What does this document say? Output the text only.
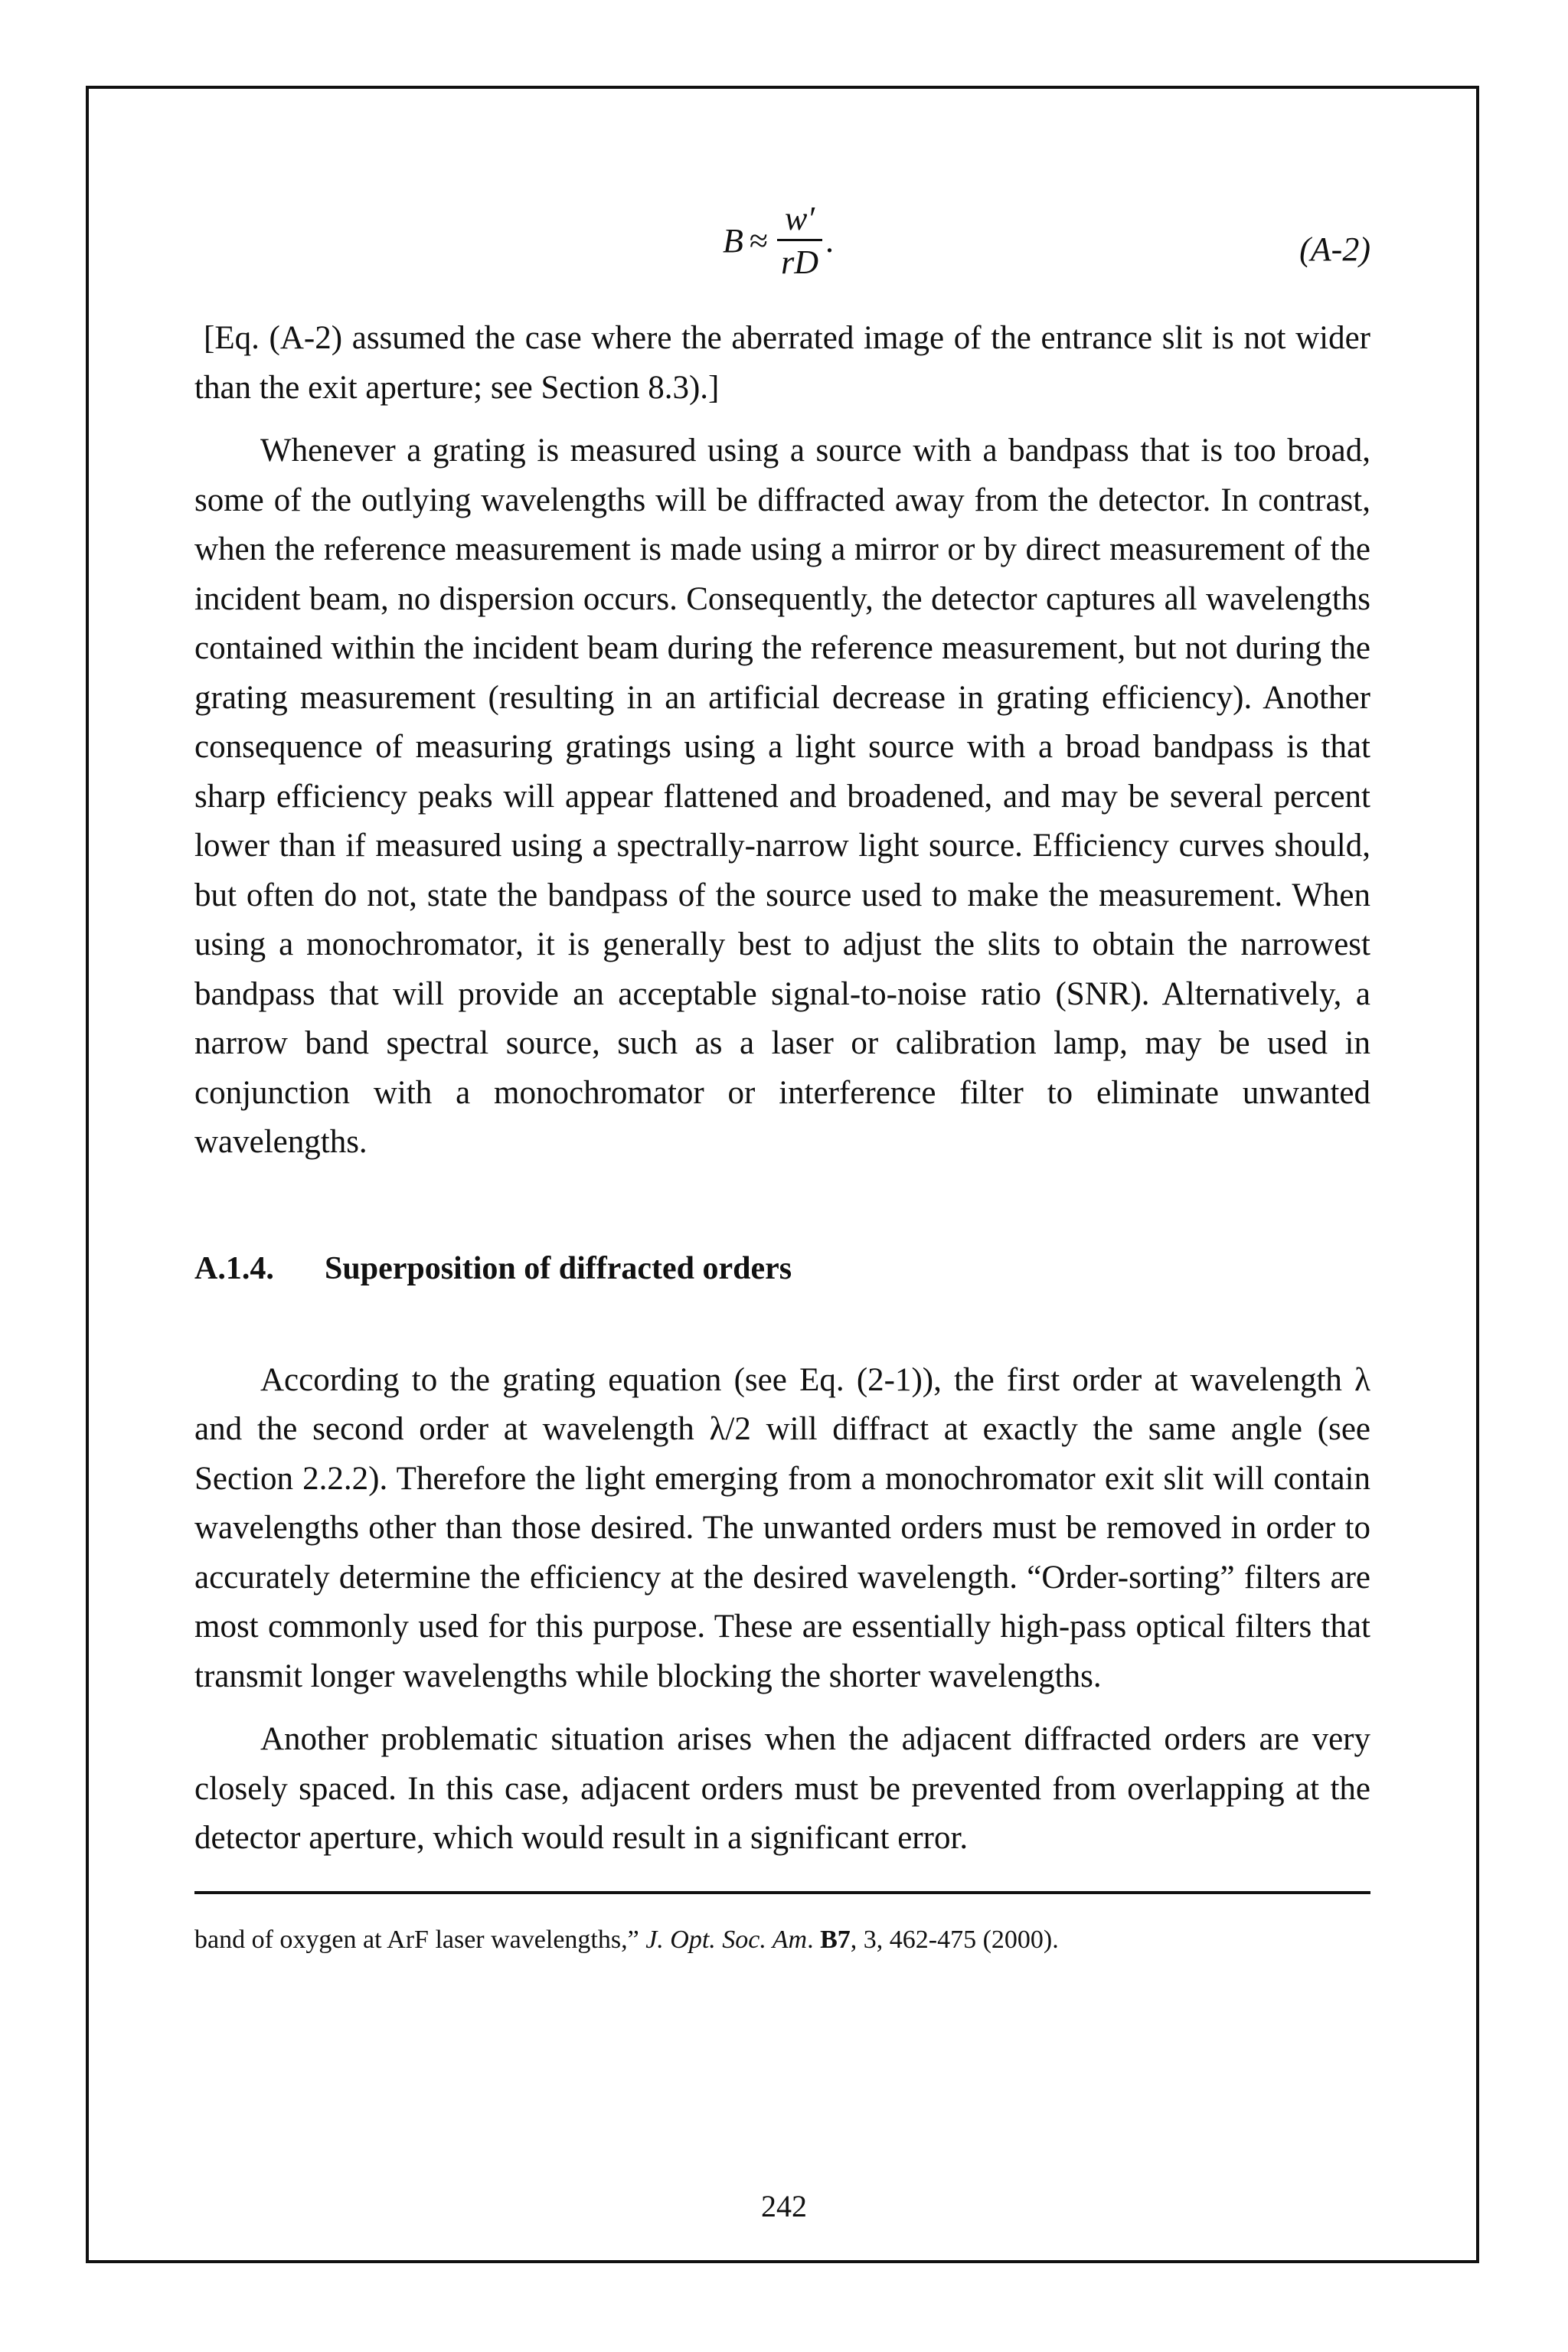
$B \approx \frac{w'}{rD}$ .	(A-2)

[Eq. (A-2) assumed the case where the aberrated image of the entrance slit is not wider than the exit aperture; see Section 8.3).]

Whenever a grating is measured using a source with a bandpass that is too broad, some of the outlying wavelengths will be diffracted away from the detector. In contrast, when the reference measurement is made using a mirror or by direct measurement of the incident beam, no dispersion occurs. Consequently, the detector captures all wavelengths contained within the incident beam during the reference measurement, but not during the grating measurement (resulting in an artificial decrease in grating efficiency). Another consequence of measuring gratings using a light source with a broad bandpass is that sharp efficiency peaks will appear flattened and broadened, and may be several percent lower than if measured using a spectrally-narrow light source. Efficiency curves should, but often do not, state the bandpass of the source used to make the measurement. When using a monochromator, it is generally best to adjust the slits to obtain the narrowest bandpass that will provide an acceptable signal-to-noise ratio (SNR). Alternatively, a narrow band spectral source, such as a laser or calibration lamp, may be used in conjunction with a monochromator or interference filter to eliminate unwanted wavelengths.

A.1.4.	Superposition of diffracted orders

According to the grating equation (see Eq. (2-1)), the first order at wavelength λ and the second order at wavelength λ/2 will diffract at exactly the same angle (see Section 2.2.2). Therefore the light emerging from a monochromator exit slit will contain wavelengths other than those desired. The unwanted orders must be removed in order to accurately determine the efficiency at the desired wavelength. “Order-sorting” filters are most commonly used for this purpose. These are essentially high-pass optical filters that transmit longer wavelengths while blocking the shorter wavelengths.

Another problematic situation arises when the adjacent diffracted orders are very closely spaced. In this case, adjacent orders must be prevented from overlapping at the detector aperture, which would result in a significant error.

band of oxygen at ArF laser wavelengths,” J. Opt. Soc. Am. B7, 3, 462-475 (2000).
242
